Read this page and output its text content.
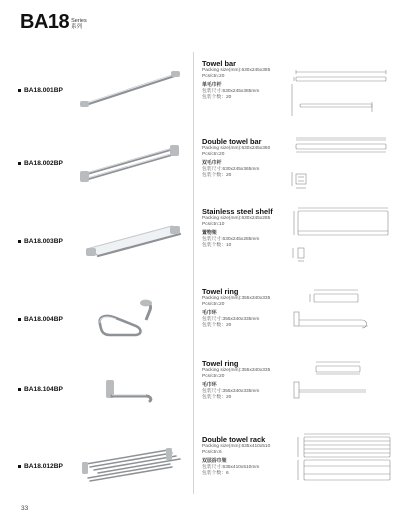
BA18 Series
系列
BA18.001BP
Towel bar
Packing size(mm):630x245x385
Pcs/ctn:20
单毛巾杆
包装尺寸:630x245x385mm
包装个数：20
BA18.002BP
Double towel bar
Packing size(mm):630x245x360
Pcs/ctn:20
双毛巾杆
包装尺寸:630x245x365mm
包装个数：20
BA18.003BP
Stainless steel shelf
Packing size(mm):630x245x285
Pcs/ctn:10
置物架
包装尺寸:630x245x285mm
包装个数：10
BA18.004BP
Towel ring
Packing size(mm):355x340x335
Pcs/ctn:20
毛巾环
包装尺寸:355x340x335mm
包装个数：20
BA18.104BP
Towel ring
Packing size(mm):355x340x335
Pcs/ctn:20
毛巾环
包装尺寸:355x340x335mm
包装个数：20
BA18.012BP
Double towel rack
Packing size(mm):635x410x510
Pcs/ctn:6
双层浴巾架
包装尺寸:635x410x510mm
包装个数：6
33
